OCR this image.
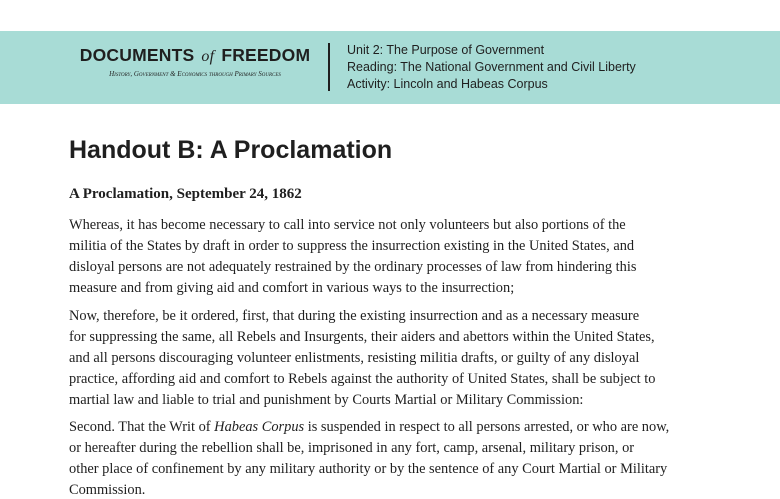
DOCUMENTS of FREEDOM
History, Government & Economics through Primary Sources
Unit 2: The Purpose of Government
Reading: The National Government and Civil Liberty
Activity: Lincoln and Habeas Corpus
Handout B: A Proclamation
A Proclamation, September 24, 1862

Whereas, it has become necessary to call into service not only volunteers but also portions of the
militia of the States by draft in order to suppress the insurrection existing in the United States, and
disloyal persons are not adequately restrained by the ordinary processes of law from hindering this
measure and from giving aid and comfort in various ways to the insurrection;

Now, therefore, be it ordered, first, that during the existing insurrection and as a necessary measure
for suppressing the same, all Rebels and Insurgents, their aiders and abettors within the United States,
and all persons discouraging volunteer enlistments, resisting militia drafts, or guilty of any disloyal
practice, affording aid and comfort to Rebels against the authority of United States, shall be subject to
martial law and liable to trial and punishment by Courts Martial or Military Commission:

Second. That the Writ of Habeas Corpus is suspended in respect to all persons arrested, or who are now,
or hereafter during the rebellion shall be, imprisoned in any fort, camp, arsenal, military prison, or
other place of confinement by any military authority or by the sentence of any Court Martial or Military
Commission.
